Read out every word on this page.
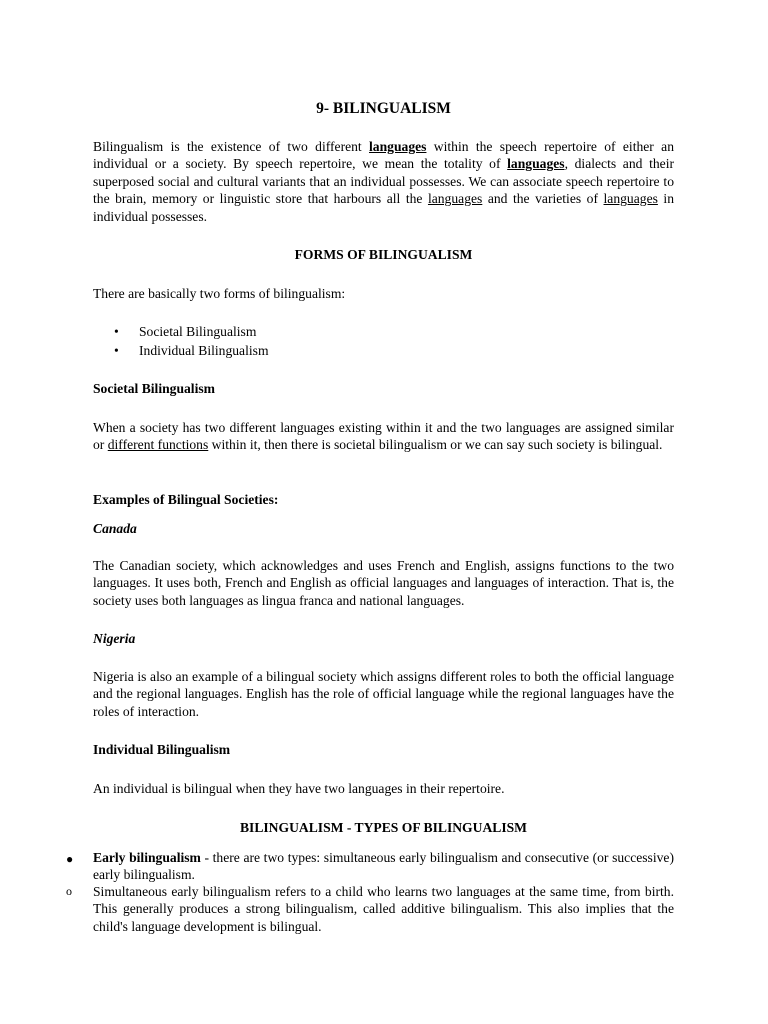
9- BILINGUALISM

Bilingualism is the existence of two different languages within the speech repertoire of either an individual or a society. By speech repertoire, we mean the totality of languages, dialects and their superposed social and cultural variants that an individual possesses. We can associate speech repertoire to the brain, memory or linguistic store that harbours all the languages and the varieties of languages in individual possesses.

FORMS OF BILINGUALISM
There are basically two forms of bilingualism:
•	Societal Bilingualism
•	Individual Bilingualism
Societal Bilingualism

When a society has two different languages existing within it and the two languages are assigned similar or different functions within it, then there is societal bilingualism or we can say such society is bilingual.

Examples of Bilingual Societies:
Canada

The Canadian society, which acknowledges and uses French and English, assigns functions to the two languages. It uses both, French and English as official languages and languages of interaction. That is, the society uses both languages as lingua franca and national languages.

Nigeria

Nigeria is also an example of a bilingual society which assigns different roles to both the official language and the regional languages. English has the role of official language while the regional languages have the roles of interaction.

Individual Bilingualism
An individual is bilingual when they have two languages in their repertoire.
BILINGUALISM - TYPES OF BILINGUALISM
● Early bilingualism - there are two types: simultaneous early bilingualism and consecutive (or successive) early bilingualism.

o Simultaneous early bilingualism refers to a child who learns two languages at the same time, from birth. This generally produces a strong bilingualism, called additive bilingualism. This also implies that the child's language development is bilingual.
